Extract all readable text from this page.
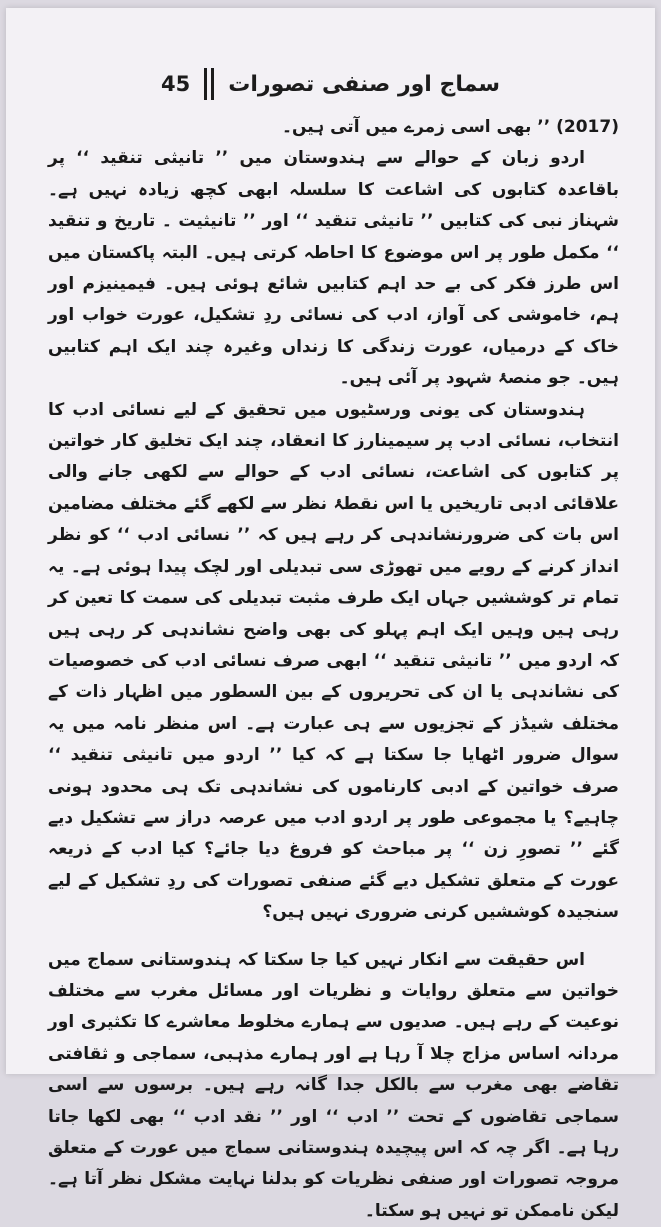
سماج اور صنفی تصورات
45

(2017) ’’ بھی اسی زمرے میں آتی ہیں۔

اردو زبان کے حوالے سے ہندوستان میں ’’ تانیثی تنقید ‘‘ پر باقاعدہ کتابوں کی اشاعت کا سلسلہ ابھی کچھ زیادہ نہیں ہے۔ شہناز نبی کی کتابیں ’’ تانیثی تنقید ‘‘ اور ’’ تانیثیت ۔ تاریخ و تنقید ‘‘ مکمل طور پر اس موضوع کا احاطہ کرتی ہیں۔ البتہ پاکستان میں اس طرز فکر کی بے حد اہم کتابیں شائع ہوئی ہیں۔ فیمینیزم اور ہم، خاموشی کی آواز، ادب کی نسائی ردِ تشکیل، عورت خواب اور خاک کے درمیاں، عورت زندگی کا زنداں وغیرہ چند ایک اہم کتابیں ہیں۔ جو منصۂ شہود پر آئی ہیں۔

ہندوستان کی یونی ورسٹیوں میں تحقیق کے لیے نسائی ادب کا انتخاب، نسائی ادب پر سیمینارز کا انعقاد، چند ایک تخلیق کار خواتین پر کتابوں کی اشاعت، نسائی ادب کے حوالے سے لکھی جانے والی علاقائی ادبی تاریخیں یا اس نقطۂ نظر سے لکھے گئے مختلف مضامین اس بات کی ضرورنشاندہی کر رہے ہیں کہ ’’ نسائی ادب ‘‘ کو نظر انداز کرنے کے رویے میں تھوڑی سی تبدیلی اور لچک پیدا ہوئی ہے۔ یہ تمام تر کوششیں جہاں ایک طرف مثبت تبدیلی کی سمت کا تعین کر رہی ہیں وہیں ایک اہم پہلو کی بھی واضح نشاندہی کر رہی ہیں کہ اردو میں ’’ تانیثی تنقید ‘‘ ابھی صرف نسائی ادب کی خصوصیات کی نشاندہی یا ان کی تحریروں کے بین السطور میں اظہار ذات کے مختلف شیڈز کے تجزیوں سے ہی عبارت ہے۔ اس منظر نامہ میں یہ سوال ضرور اٹھایا جا سکتا ہے کہ کیا ’’ اردو میں تانیثی تنقید ‘‘ صرف خواتین کے ادبی کارناموں کی نشاندہی تک ہی محدود ہونی چاہیے؟ یا مجموعی طور پر اردو ادب میں عرصہ دراز سے تشکیل دیے گئے ’’ تصورِ زن ‘‘ پر مباحث کو فروغ دیا جائے؟ کیا ادب کے ذریعہ عورت کے متعلق تشکیل دیے گئے صنفی تصورات کی ردِ تشکیل کے لیے سنجیدہ کوششیں کرنی ضروری نہیں ہیں؟

اس حقیقت سے انکار نہیں کیا جا سکتا کہ ہندوستانی سماج میں خواتین سے متعلق روایات و نظریات اور مسائل مغرب سے مختلف نوعیت کے رہے ہیں۔ صدیوں سے ہمارے مخلوط معاشرے کا تکثیری اور مردانہ اساس مزاج چلا آ رہا ہے اور ہمارے مذہبی، سماجی و ثقافتی تقاضے بھی مغرب سے بالکل جدا گانہ رہے ہیں۔ برسوں سے اسی سماجی تقاضوں کے تحت ’’ ادب ‘‘ اور ’’ نقد ادب ‘‘ بھی لکھا جاتا رہا ہے۔ اگر چہ کہ اس پیچیدہ ہندوستانی سماج میں عورت کے متعلق مروجہ تصورات اور صنفی نظریات کو بدلنا نہایت مشکل نظر آتا ہے۔ لیکن ناممکن تو نہیں ہو سکتا۔
